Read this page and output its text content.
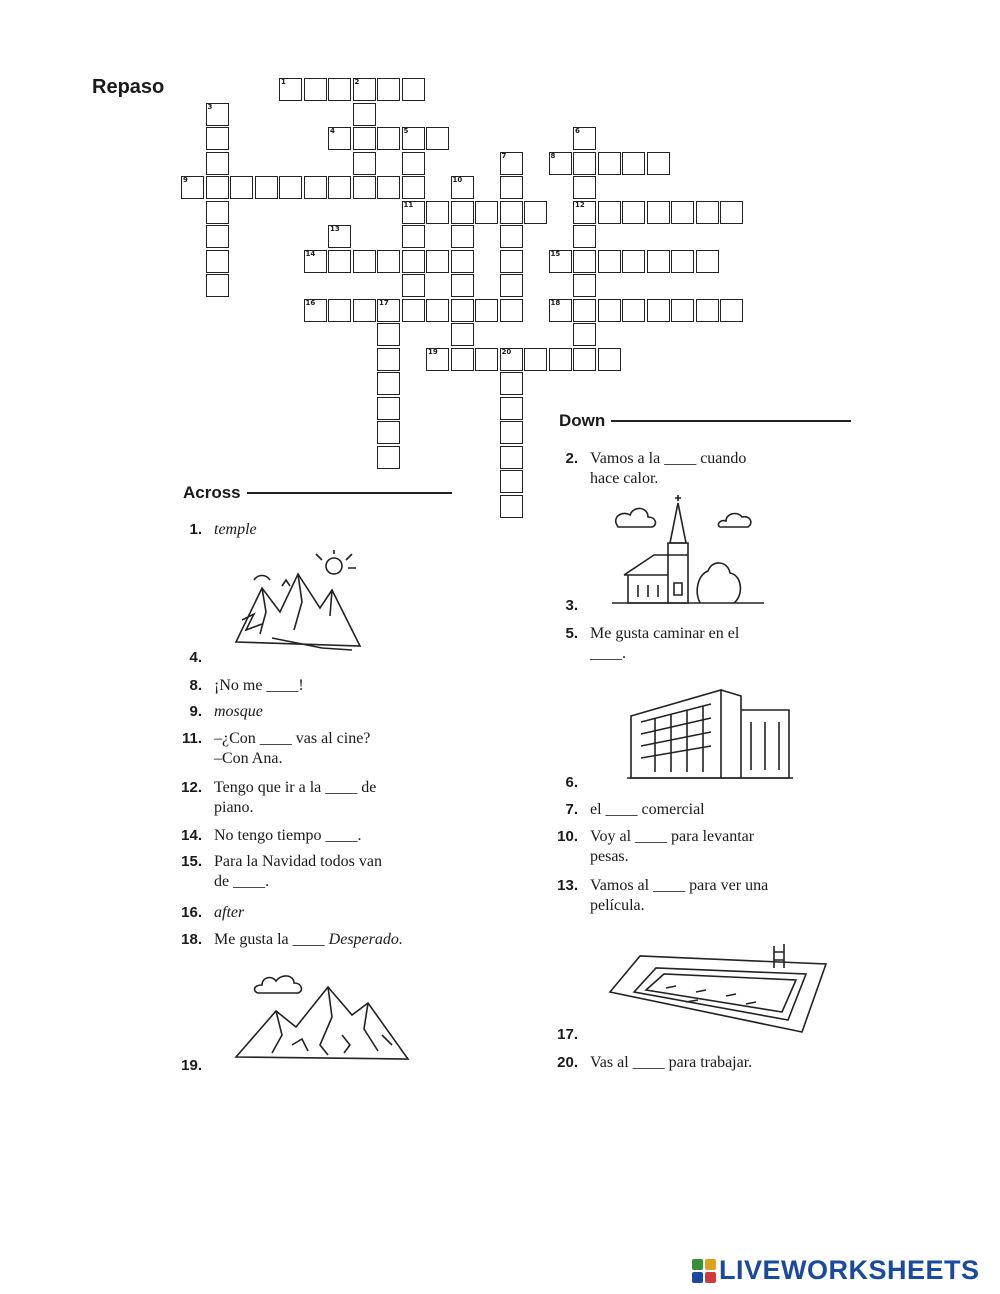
Repaso	1	2
3
4	5
11
6
12
7	8
9	10
13
14	15
16	17	18
19	20
Across
1. temple
4.
8. ¡No me ____!
9. mosque
11. –¿Con ____ vas al cine?
–Con Ana.
12. Tengo que ir a la ____ de
piano.
14. No tengo tiempo ____.
15. Para la Navidad todos van
de ____.
16. after
18. Me gusta la ____ Desperado.
19.
Down
2. Vamos a la ____ cuando
hace calor.
3.
5. Me gusta caminar en el
____.
6.
7. el ____ comercial
10. Voy al ____ para levantar
pesas.
13. Vamos al ____ para ver una
película.
17.
20. Vas al ____ para trabajar.
LIVEWORKSHEETS
